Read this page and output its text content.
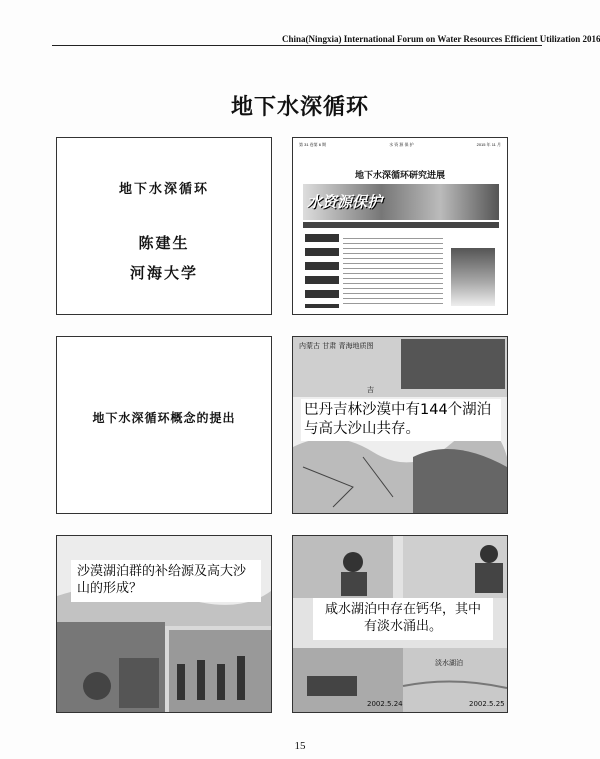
China(Ningxia) International Forum on Water Resources Efficient Utilization 2016
地下水深循环
地下水深循环
陈建生
河海大学
第 31 卷第 6 期	水 资 源 保 护	2015 年 11 月
地下水深循环研究进展
水资源保护
地下水深循环概念的提出
内蒙古 甘肃 青海地质图
吉
巴丹吉林沙漠中有144个湖泊与高大沙山共存。
沙漠湖泊群的补给源及高大沙山的形成？
咸水湖泊中存在钙华，其中有淡水涌出。
淡水湖泊
2002.5.24	2002.5.25
15
